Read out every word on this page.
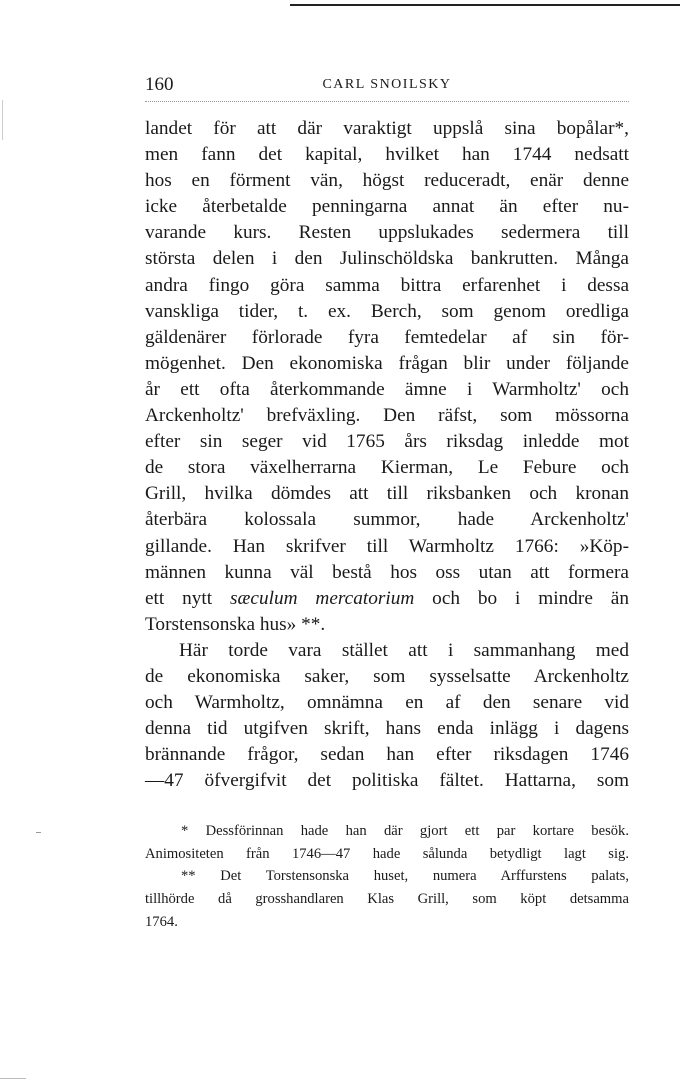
160	CARL SNOILSKY
landet för att där varaktigt uppslå sina bopålar*,
men fann det kapital, hvilket han 1744 nedsatt
hos en förment vän, högst reduceradt, enär denne
icke återbetalde penningarna annat än efter nu-
varande kurs. Resten uppslukades sedermera till
största delen i den Julinschöldska bankrutten. Många
andra fingo göra samma bittra erfarenhet i dessa
vanskliga tider, t. ex. Berch, som genom oredliga
gäldenärer förlorade fyra femtedelar af sin för-
mögenhet. Den ekonomiska frågan blir under följande
år ett ofta återkommande ämne i Warmholtz' och
Arckenholtz' brefväxling. Den räfst, som mössorna
efter sin seger vid 1765 års riksdag inledde mot
de stora växelherrarna Kierman, Le Febure och
Grill, hvilka dömdes att till riksbanken och kronan
återbära kolossala summor, hade Arckenholtz'
gillande. Han skrifver till Warmholtz 1766: »Köp-
männen kunna väl bestå hos oss utan att formera
ett nytt sæculum mercatorium och bo i mindre än
Torstensonska hus» **.
Här torde vara stället att i sammanhang med
de ekonomiska saker, som sysselsatte Arckenholtz
och Warmholtz, omnämna en af den senare vid
denna tid utgifven skrift, hans enda inlägg i dagens
brännande frågor, sedan han efter riksdagen 1746
—47 öfvergifvit det politiska fältet. Hattarna, som
* Dessförinnan hade han där gjort ett par kortare besök.
Animositeten från 1746—47 hade sålunda betydligt lagt sig.
** Det Torstensonska huset, numera Arffurstens palats,
tillhörde då grosshandlaren Klas Grill, som köpt detsamma
1764.
